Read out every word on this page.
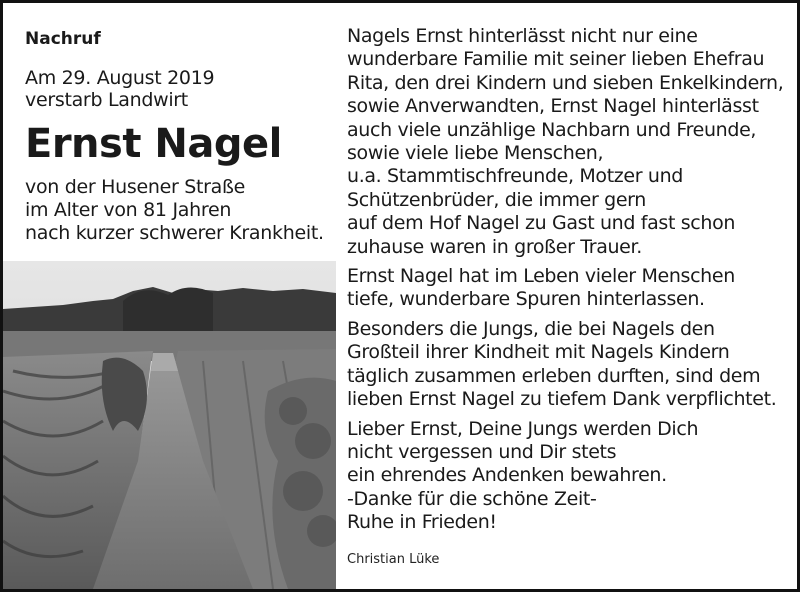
Nachruf
Am 29. August 2019
verstarb Landwirt
Ernst Nagel
von der Husener Straße
im Alter von 81 Jahren
nach kurzer schwerer Krankheit.
Nagels Ernst hinterlässt nicht nur eine
wunderbare Familie mit seiner lieben Ehefrau
Rita, den drei Kindern und sieben Enkelkindern,
sowie Anverwandten, Ernst Nagel hinterlässt
auch viele unzählige Nachbarn und Freunde,
sowie viele liebe Menschen,
u.a. Stammtischfreunde, Motzer und
Schützenbrüder, die immer gern
auf dem Hof Nagel zu Gast und fast schon
zuhause waren in großer Trauer.
Ernst Nagel hat im Leben vieler Menschen
tiefe, wunderbare Spuren hinterlassen.
Besonders die Jungs, die bei Nagels den
Großteil ihrer Kindheit mit Nagels Kindern
täglich zusammen erleben durften, sind dem
lieben Ernst Nagel zu tiefem Dank verpflichtet.
Lieber Ernst, Deine Jungs werden Dich
nicht vergessen und Dir stets
ein ehrendes Andenken bewahren.
-Danke für die schöne Zeit-
Ruhe in Frieden!
Christian Lüke
